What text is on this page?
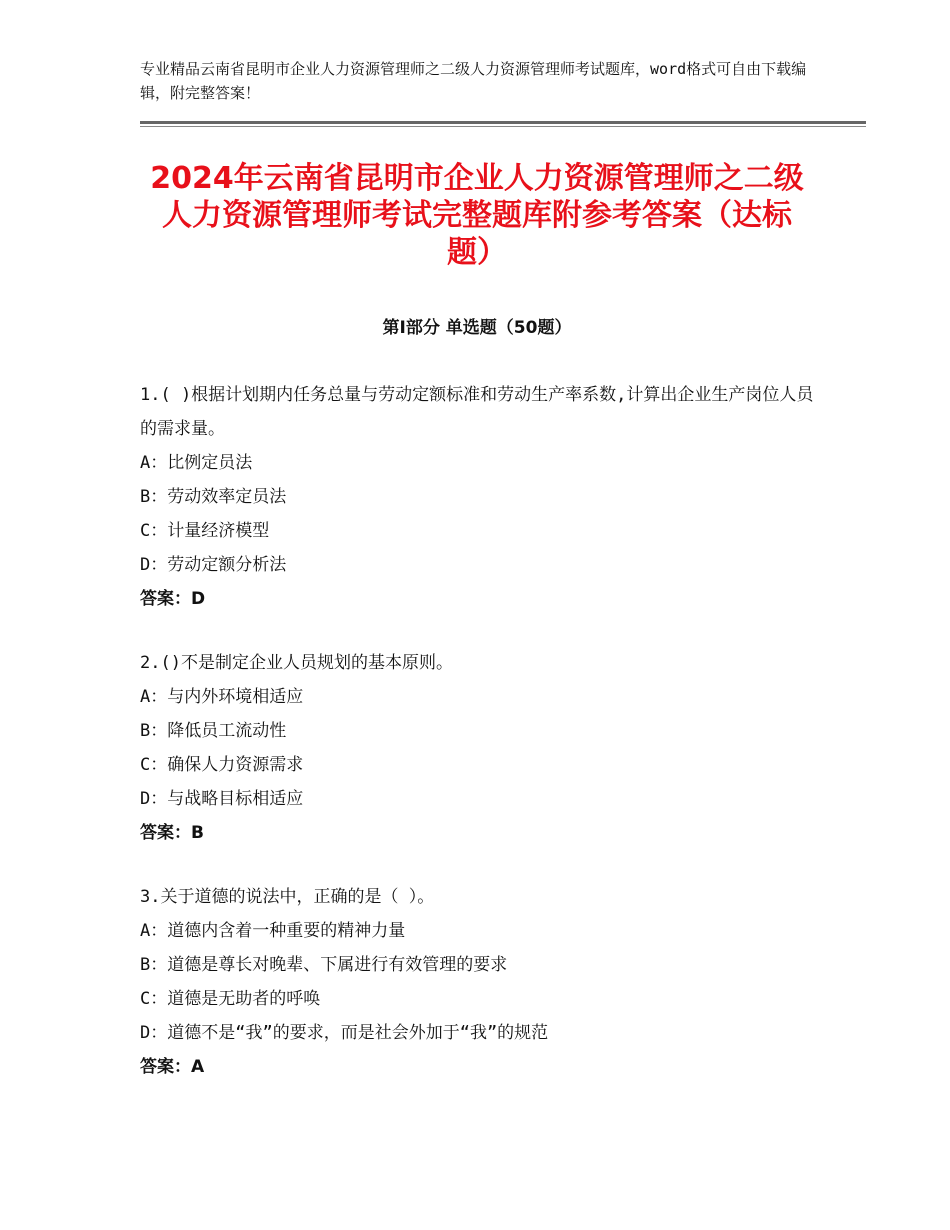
专业精品云南省昆明市企业人力资源管理师之二级人力资源管理师考试题库，word格式可自由下载编辑，附完整答案！

2024年云南省昆明市企业人力资源管理师之二级人力资源管理师考试完整题库附参考答案（达标题）
第Ⅰ部分 单选题（50题）

1.( )根据计划期内任务总量与劳动定额标准和劳动生产率系数,计算出企业生产岗位人员的需求量。

A：比例定员法

B：劳动效率定员法

C：计量经济模型

D：劳动定额分析法

答案：D

2.()不是制定企业人员规划的基本原则。

A：与内外环境相适应

B：降低员工流动性

C：确保人力资源需求

D：与战略目标相适应

答案：B

3.关于道德的说法中，正确的是（ ）。

A：道德内含着一种重要的精神力量

B：道德是尊长对晚辈、下属进行有效管理的要求

C：道德是无助者的呼唤

D：道德不是“我”的要求，而是社会外加于“我”的规范

答案：A
